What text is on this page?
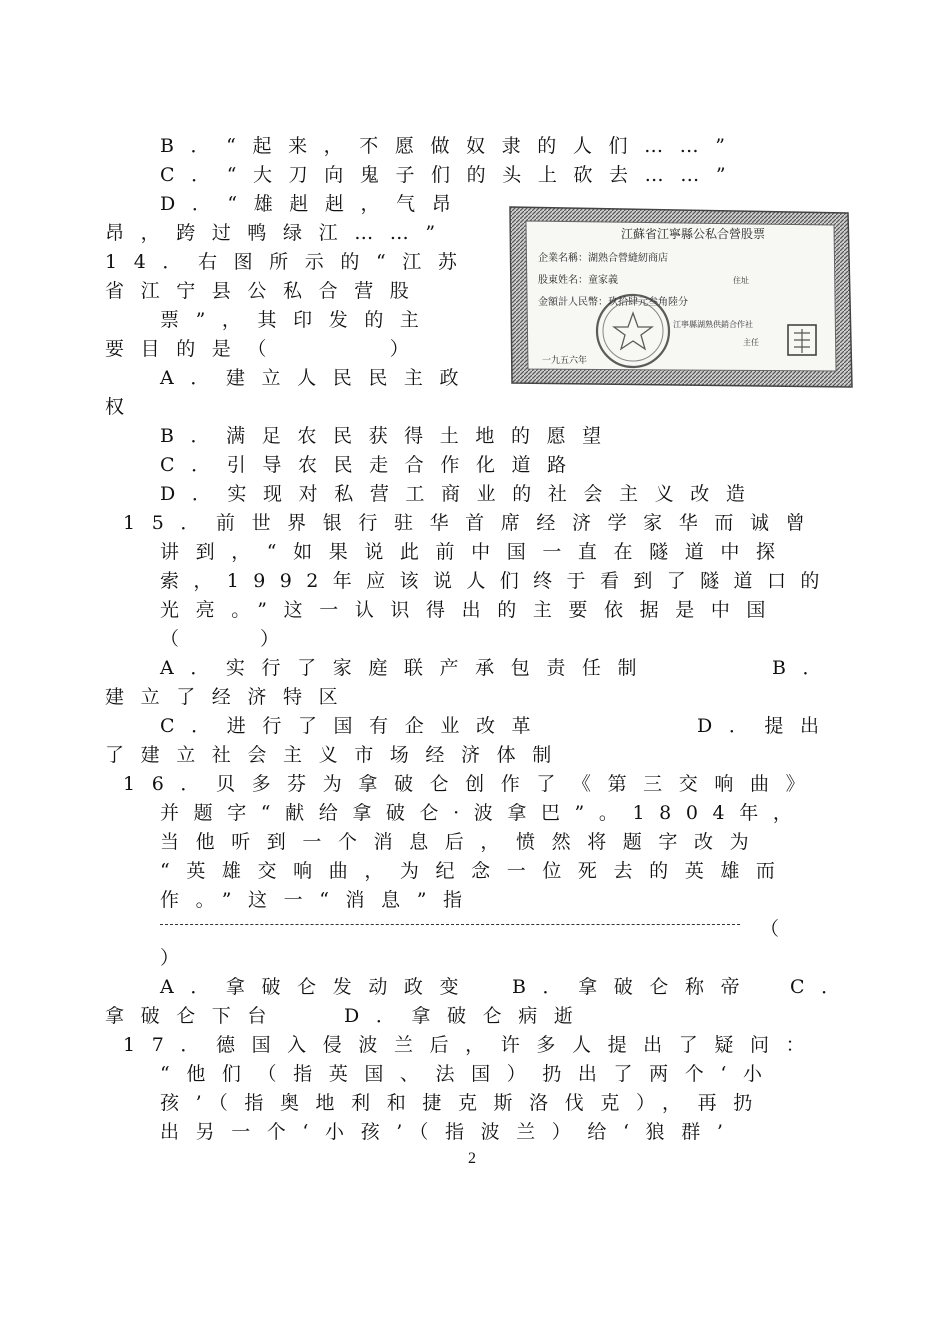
B．“起来，不愿做奴隶的人们……”
C．“大刀向鬼子们的头上砍去……”
D．“雄赳赳，气昂
昂，跨过鸭绿江……”
14．右图所示的“江苏
省江宁县公私合营股
票”，其印发的主
要目的是（　　　）
A．建立人民民主政
权
B．满足农民获得土地的愿望
C．引导农民走合作化道路
D．实现对私营工商业的社会主义改造
15．前世界银行驻华首席经济学家华而诚曾
讲到，“如果说此前中国一直在隧道中探
索，1992年应该说人们终于看到了隧道口的
光亮。”这一认识得出的主要依据是中国
（　　　）
A．实行了家庭联产承包责任制	B．
建立了经济特区
C．进行了国有企业改革	D．提出
了建立社会主义市场经济体制
16．贝多芬为拿破仑创作了《第三交响曲》
并题字“献给拿破仑·波拿巴”。1804年，
当他听到一个消息后，愤然将题字改为
“英雄交响曲，为纪念一位死去的英雄而
作。”这一“消息”指
（
）
A．拿破仑发动政变 B．拿破仑称帝 C．
拿破仑下台	D．拿破仑病逝
17．德国入侵波兰后，许多人提出了疑问：
“他们（指英国、法国）扔出了两个‘小
孩’（指奥地利和捷克斯洛伐克），再扔
出另一个‘小孩’（指波兰）给‘狼群’
2
江蘇省江寧縣公私合營股票
企業名稱：湖熟合營縫紉商店
股東姓名：童家義	住址
金額計人民幣：玖拾肆元叁角陸分
江寧縣湖熟供銷合作社
主任
一九五六年
